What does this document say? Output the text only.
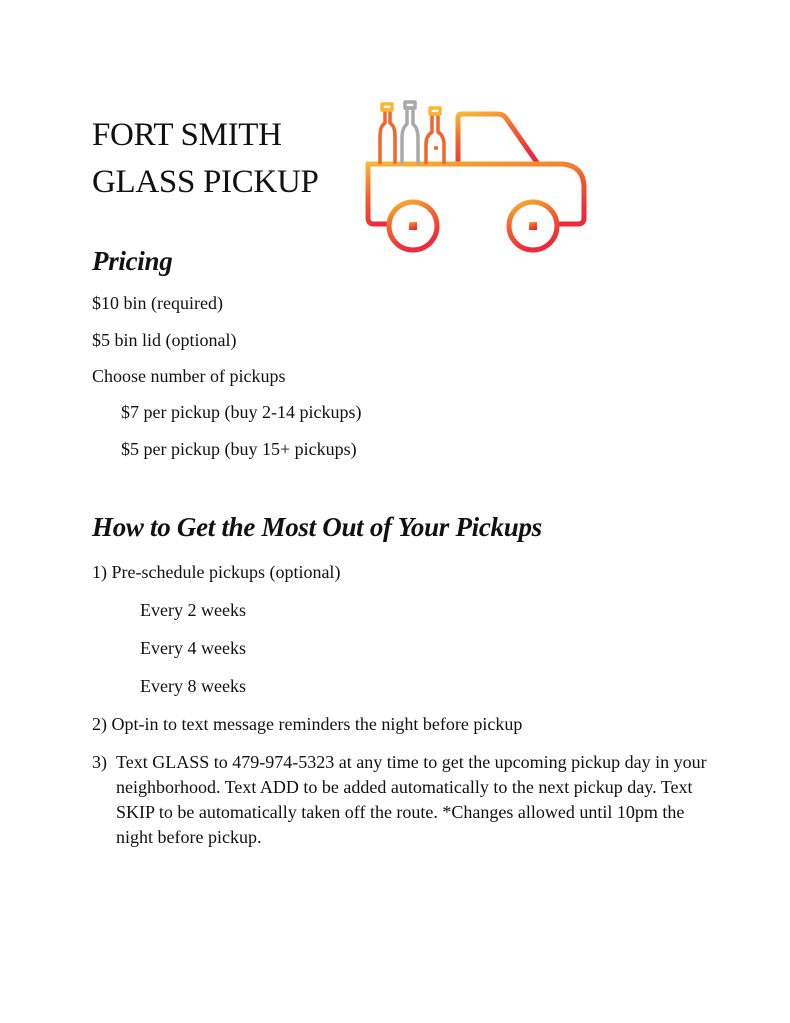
FORT SMITH
GLASS PICKUP
Pricing

$10 bin (required)

$5 bin lid (optional)

Choose number of pickups

$7 per pickup (buy 2-14 pickups)

$5 per pickup (buy 15+ pickups)

How to Get the Most Out of Your Pickups

1) Pre-schedule pickups (optional)

Every 2 weeks

Every 4 weeks

Every 8 weeks

2) Opt-in to text message reminders the night before pickup

3) Text GLASS to 479-974-5323 at any time to get the upcoming pickup day in your neighborhood. Text ADD to be added automatically to the next pickup day. Text SKIP to be automatically taken off the route. *Changes allowed until 10pm the night before pickup.
